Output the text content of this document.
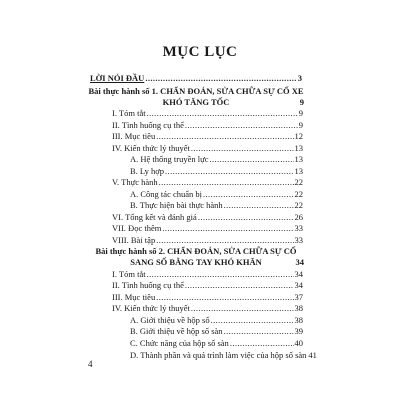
MỤC LỤC
LỜI NÓI ĐẦU .....	3
Bài thực hành số 1. CHẨN ĐOÁN, SỬA CHỮA SỰ CỐ XE KHÓ TĂNG TỐC	9
I. Tóm tắt .....	9
II. Tình huống cụ thể .....	9
III. Mục tiêu .....	12
IV. Kiến thức lý thuyết .....	13
A. Hệ thống truyền lực .....	13
B. Ly hợp .....	13
V. Thực hành .....	22
A. Công tác chuẩn bị .....	22
B. Thực hiện bài thực hành .....	22
VI. Tổng kết và đánh giá .....	26
VII. Đọc thêm .....	33
VIII. Bài tập .....	33
Bài thực hành số 2. CHẨN ĐOÁN, SỬA CHỮA SỰ CỐ SANG SỐ BẰNG TAY KHÓ KHĂN	34
I. Tóm tắt .....	34
II. Tình huống cụ thể .....	34
III. Mục tiêu .....	37
IV. Kiến thức lý thuyết .....	38
A. Giới thiệu về hộp số .....	38
B. Giới thiệu về hộp số sàn .....	39
C. Chức năng của hộp số sàn .....	40
D. Thành phần và quá trình làm việc của hộp số sàn 41
4
